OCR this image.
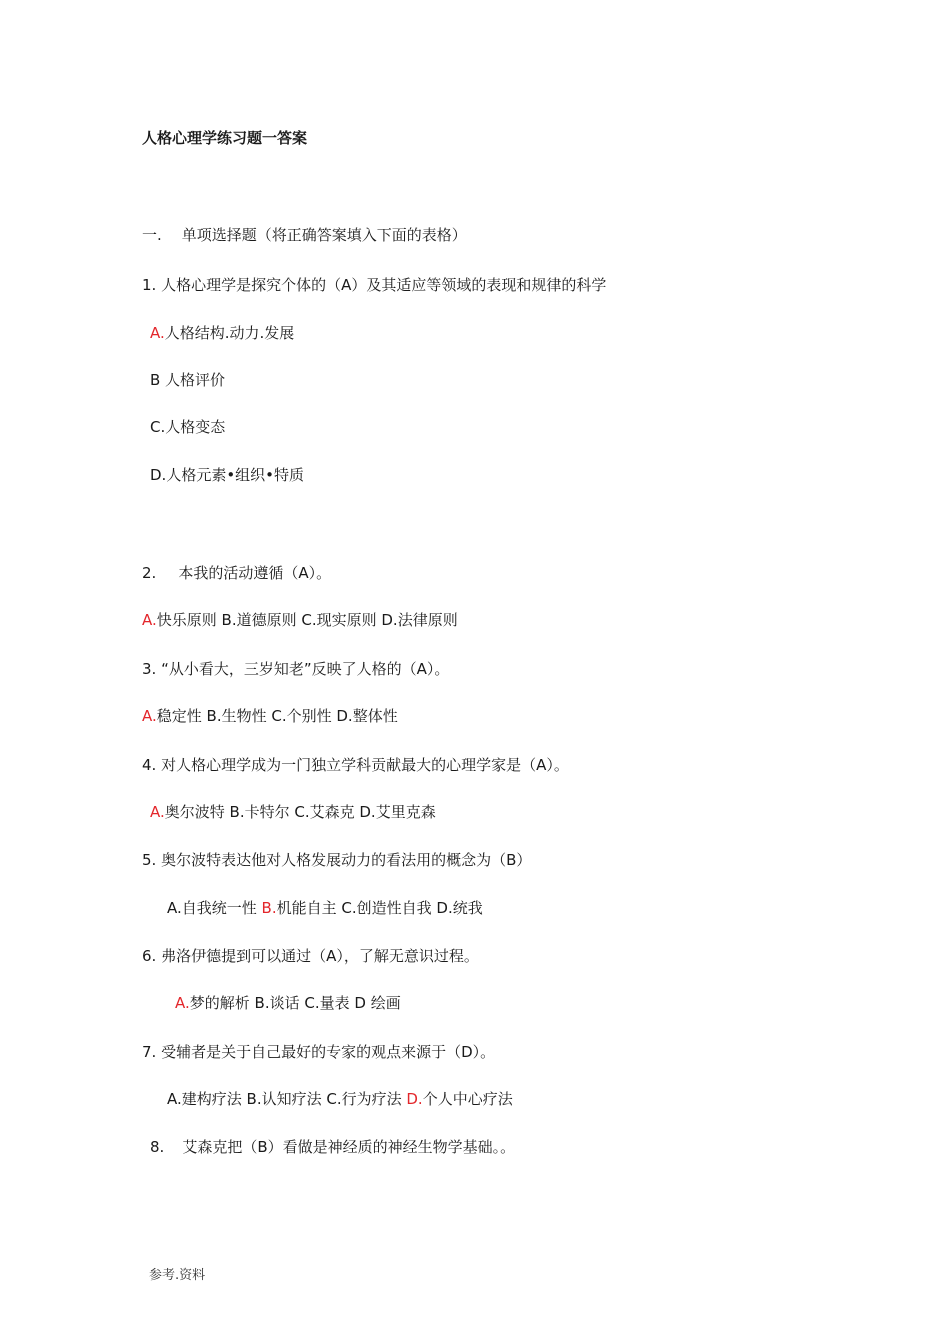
人格心理学练习题一答案
一. 单项选择题（将正确答案填入下面的表格）
1. 人格心理学是探究个体的（A）及其适应等领域的表现和规律的科学
A.人格结构.动力.发展
B 人格评价
C.人格变态
D.人格元素•组织•特质
2. 本我的活动遵循（A）。
A.快乐原则 B.道德原则 C.现实原则 D.法律原则
3. “从小看大，三岁知老”反映了人格的（A）。
A.稳定性 B.生物性 C.个别性 D.整体性
4. 对人格心理学成为一门独立学科贡献最大的心理学家是（A）。
A.奥尔波特 B.卡特尔 C.艾森克 D.艾里克森
5. 奥尔波特表达他对人格发展动力的看法用的概念为（B）
A.自我统一性 B.机能自主 C.创造性自我 D.统我
6. 弗洛伊德提到可以通过（A），了解无意识过程。
A.梦的解析 B.谈话 C.量表 D 绘画
7. 受辅者是关于自己最好的专家的观点来源于（D）。
A.建构疗法 B.认知疗法 C.行为疗法 D.个人中心疗法
8. 艾森克把（B）看做是神经质的神经生物学基础。。
参考.资料
